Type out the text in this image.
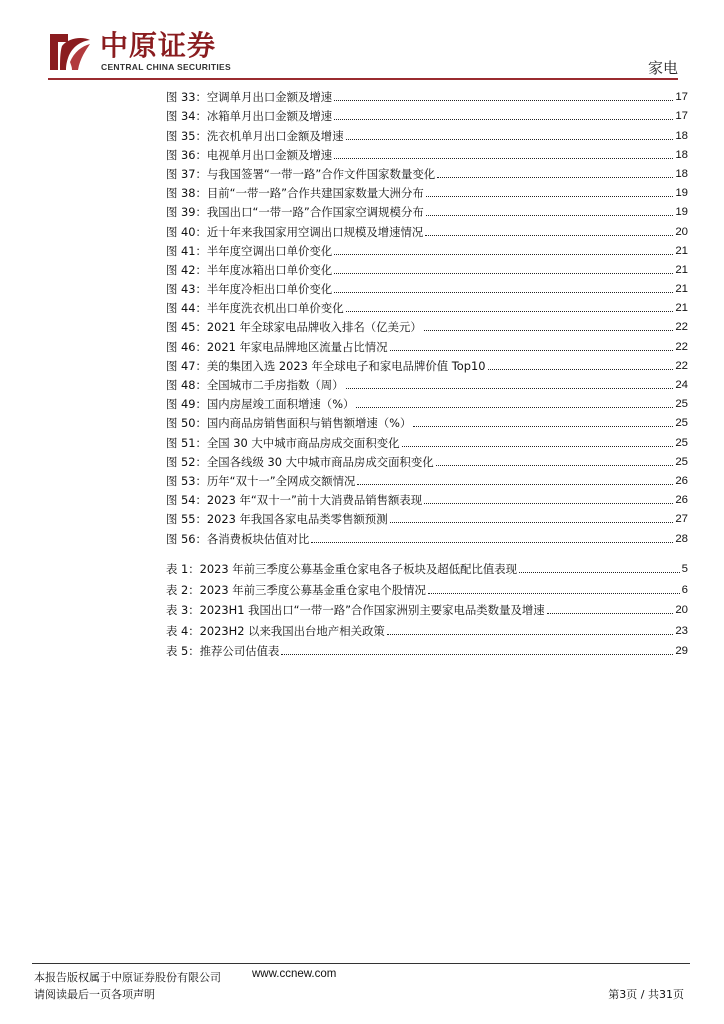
中原证券
CENTRAL CHINA SECURITIES	家电
图 33：空调单月出口金额及增速	17
图 34：冰箱单月出口金额及增速	17
图 35：洗衣机单月出口金额及增速	18
图 36：电视单月出口金额及增速	18
图 37：与我国签署“一带一路”合作文件国家数量变化	18
图 38：目前“一带一路”合作共建国家数量大洲分布	19
图 39：我国出口“一带一路”合作国家空调规模分布	19
图 40：近十年来我国家用空调出口规模及增速情况	20
图 41：半年度空调出口单价变化	21
图 42：半年度冰箱出口单价变化	21
图 43：半年度冷柜出口单价变化	21
图 44：半年度洗衣机出口单价变化	21
图 45：2021 年全球家电品牌收入排名（亿美元）	22
图 46：2021 年家电品牌地区流量占比情况	22
图 47：美的集团入选 2023 年全球电子和家电品牌价值 Top10	22
图 48：全国城市二手房指数（周）	24
图 49：国内房屋竣工面积增速（%）	25
图 50：国内商品房销售面积与销售额增速（%）	25
图 51：全国 30 大中城市商品房成交面积变化	25
图 52：全国各线级 30 大中城市商品房成交面积变化	25
图 53：历年“双十一”全网成交额情况	26
图 54：2023 年“双十一”前十大消费品销售额表现	26
图 55：2023 年我国各家电品类零售额预测	27
图 56：各消费板块估值对比	28
表 1：2023 年前三季度公募基金重仓家电各子板块及超低配比值表现	5
表 2：2023 年前三季度公募基金重仓家电个股情况	6
表 3：2023H1 我国出口“一带一路”合作国家洲别主要家电品类数量及增速	20
表 4：2023H2 以来我国出台地产相关政策	23
表 5：推荐公司估值表	29
本报告版权属于中原证券股份有限公司	www.ccnew.com
请阅读最后一页各项声明	第3页 / 共31页
